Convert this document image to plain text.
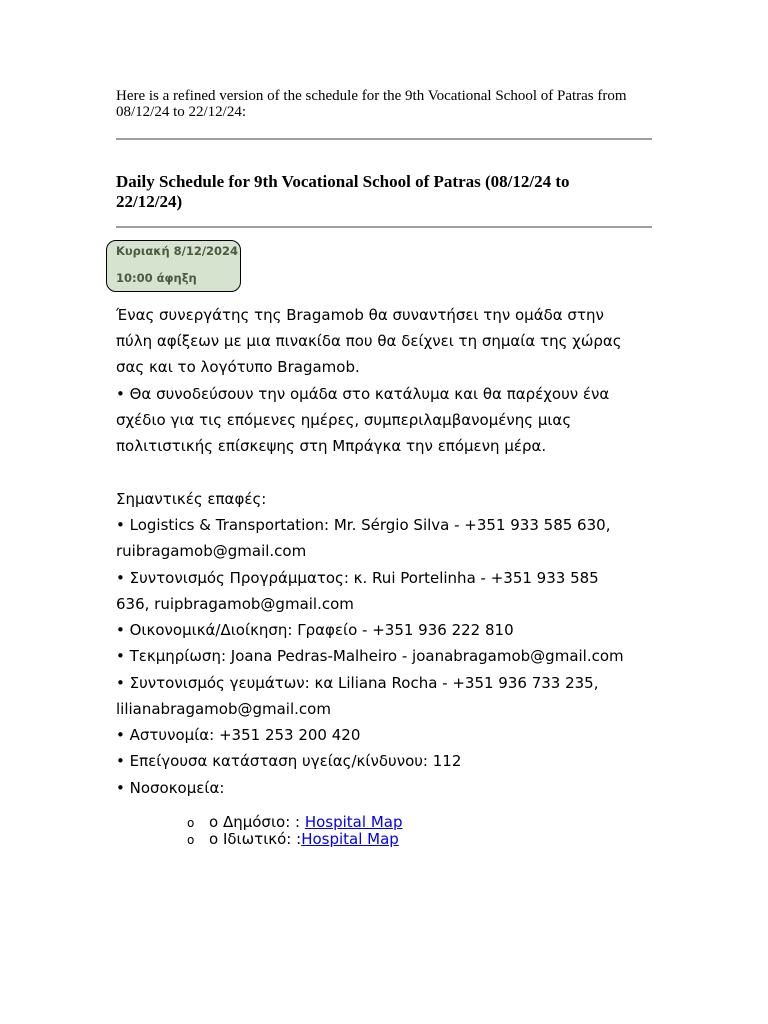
Here is a refined version of the schedule for the 9th Vocational School of Patras from 08/12/24 to 22/12/24:
Daily Schedule for 9th Vocational School of Patras (08/12/24 to 22/12/24)
Κυριακή 8/12/2024
10:00 άφηξη
Ένας συνεργάτης της Bragamob θα συναντήσει την ομάδα στην
πύλη αφίξεων με μια πινακίδα που θα δείχνει τη σημαία της χώρας
σας και το λογότυπο Bragamob.
• Θα συνοδεύσουν την ομάδα στο κατάλυμα και θα παρέχουν ένα
σχέδιο για τις επόμενες ημέρες, συμπεριλαμβανομένης μιας
πολιτιστικής επίσκεψης στη Μπράγκα την επόμενη μέρα.
Σημαντικές επαφές:
• Logistics & Transportation: Mr. Sérgio Silva - +351 933 585 630,
ruibragamob@gmail.com
• Συντονισμός Προγράμματος: κ. Rui Portelinha - +351 933 585
636, ruipbragamob@gmail.com
• Οικονομικά/Διοίκηση: Γραφείο - +351 936 222 810
• Τεκμηρίωση: Joana Pedras-Malheiro - joanabragamob@gmail.com
• Συντονισμός γευμάτων: κα Liliana Rocha - +351 936 733 235,
lilianabragamob@gmail.com
• Αστυνομία: +351 253 200 420
• Επείγουσα κατάσταση υγείας/κίνδυνου: 112
• Νοσοκομεία:
o ο Δημόσιο: : Hospital Map
o ο Ιδιωτικό: :Hospital Map
